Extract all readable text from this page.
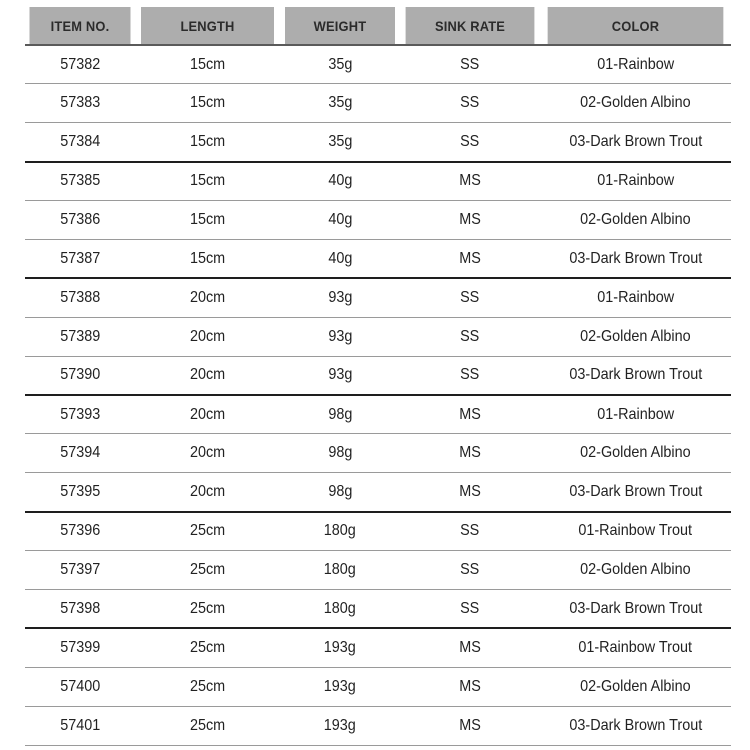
ITEM NO.	LENGTH	WEIGHT	SINK RATE	COLOR
57382	15cm	35g	SS	01-Rainbow
57383	15cm	35g	SS	02-Golden Albino
57384	15cm	35g	SS	03-Dark Brown Trout
57385	15cm	40g	MS	01-Rainbow
57386	15cm	40g	MS	02-Golden Albino
57387	15cm	40g	MS	03-Dark Brown Trout
57388	20cm	93g	SS	01-Rainbow
57389	20cm	93g	SS	02-Golden Albino
57390	20cm	93g	SS	03-Dark Brown Trout
57393	20cm	98g	MS	01-Rainbow
57394	20cm	98g	MS	02-Golden Albino
57395	20cm	98g	MS	03-Dark Brown Trout
57396	25cm	180g	SS	01-Rainbow Trout
57397	25cm	180g	SS	02-Golden Albino
57398	25cm	180g	SS	03-Dark Brown Trout
57399	25cm	193g	MS	01-Rainbow Trout
57400	25cm	193g	MS	02-Golden Albino
57401	25cm	193g	MS	03-Dark Brown Trout
